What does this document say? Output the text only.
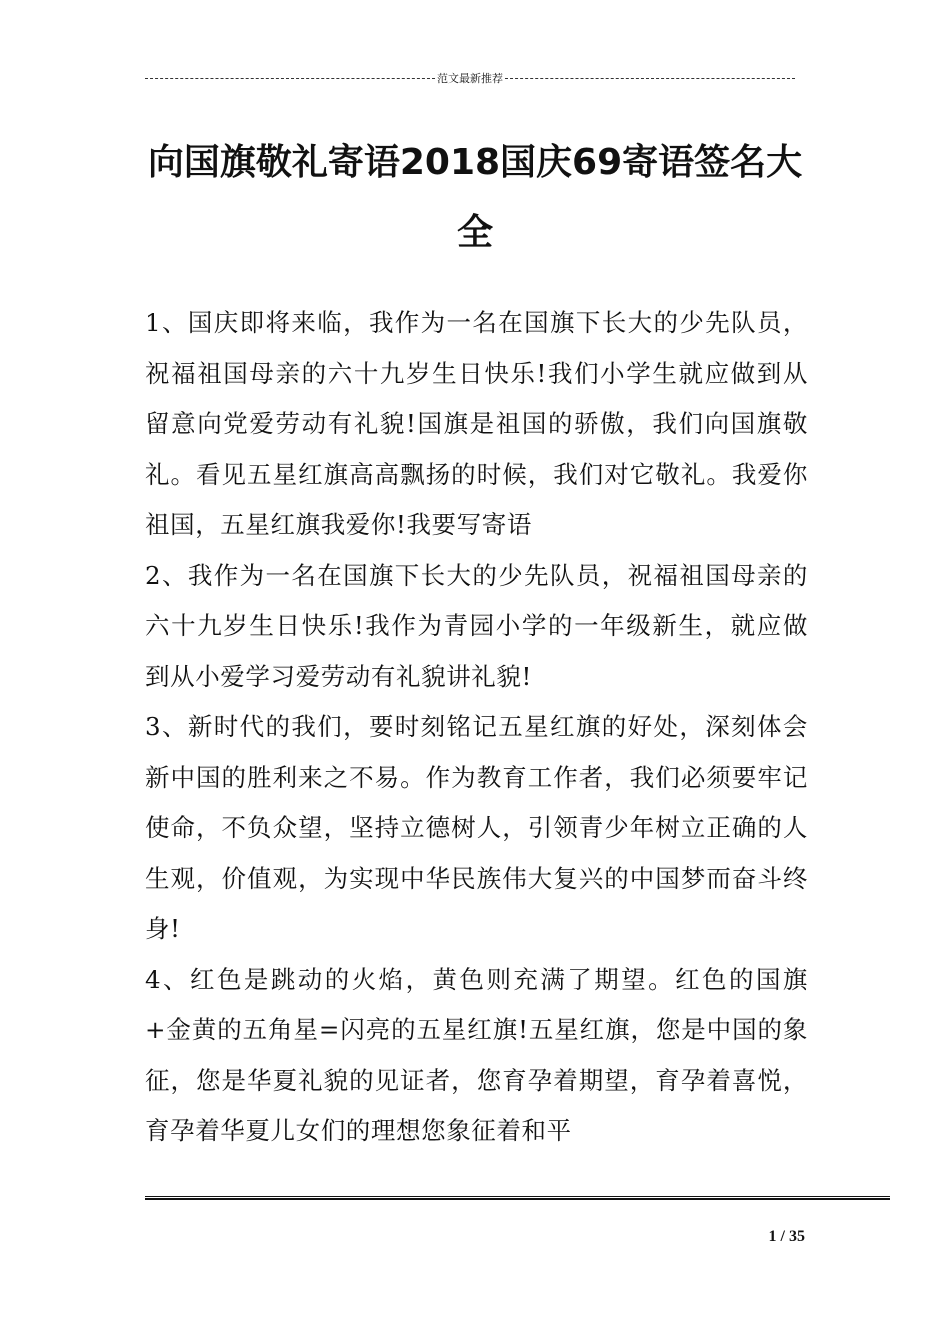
范文最新推荐
向国旗敬礼寄语2018国庆69寄语签名大全

1、国庆即将来临，我作为一名在国旗下长大的少先队员，祝福祖国母亲的六十九岁生日快乐!我们小学生就应做到从留意向党爱劳动有礼貌!国旗是祖国的骄傲，我们向国旗敬礼。看见五星红旗高高飘扬的时候，我们对它敬礼。我爱你祖国，五星红旗我爱你!我要写寄语

2、我作为一名在国旗下长大的少先队员，祝福祖国母亲的六十九岁生日快乐!我作为青园小学的一年级新生，就应做到从小爱学习爱劳动有礼貌讲礼貌!

3、新时代的我们，要时刻铭记五星红旗的好处，深刻体会新中国的胜利来之不易。作为教育工作者，我们必须要牢记使命，不负众望，坚持立德树人，引领青少年树立正确的人生观，价值观，为实现中华民族伟大复兴的中国梦而奋斗终身!

4、红色是跳动的火焰，黄色则充满了期望。红色的国旗+金黄的五角星=闪亮的五星红旗!五星红旗，您是中国的象征，您是华夏礼貌的见证者，您育孕着期望，育孕着喜悦，育孕着华夏儿女们的理想您象征着和平

1 / 35
